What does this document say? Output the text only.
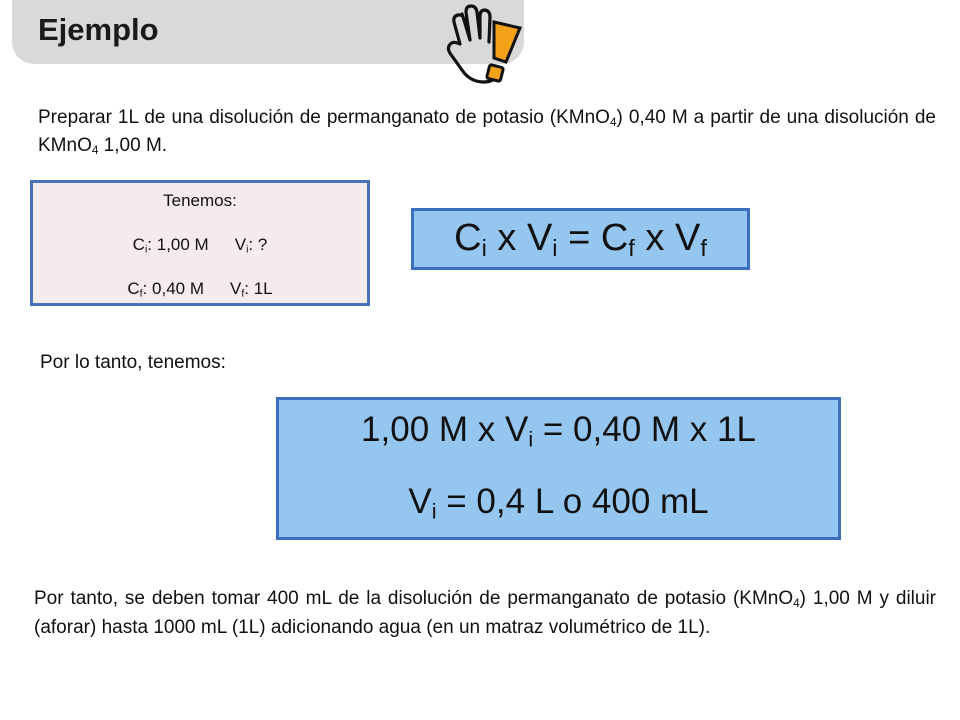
Ejemplo

Preparar 1L de una disolución de permanganato de potasio (KMnO$_4$) 0,40 M a partir de una disolución de KMnO$_4$ 1,00 M.

Tenemos:
$C_i$: 1,00 M $V_i$: ?
$C_f$: 0,40 M $V_f$: 1L
$C_i$ x $V_i = C_f$ x $V_f$
Por lo tanto, tenemos:
1,00 M x $V_i = 0,40$ M x 1L
$V_i = 0,4$ L o 400 mL

Por tanto, se deben tomar 400 mL de la disolución de permanganato de potasio (KMnO$_4$) 1,00 M y diluir (aforar) hasta 1000 mL (1L) adicionando agua (en un matraz volumétrico de 1L).
